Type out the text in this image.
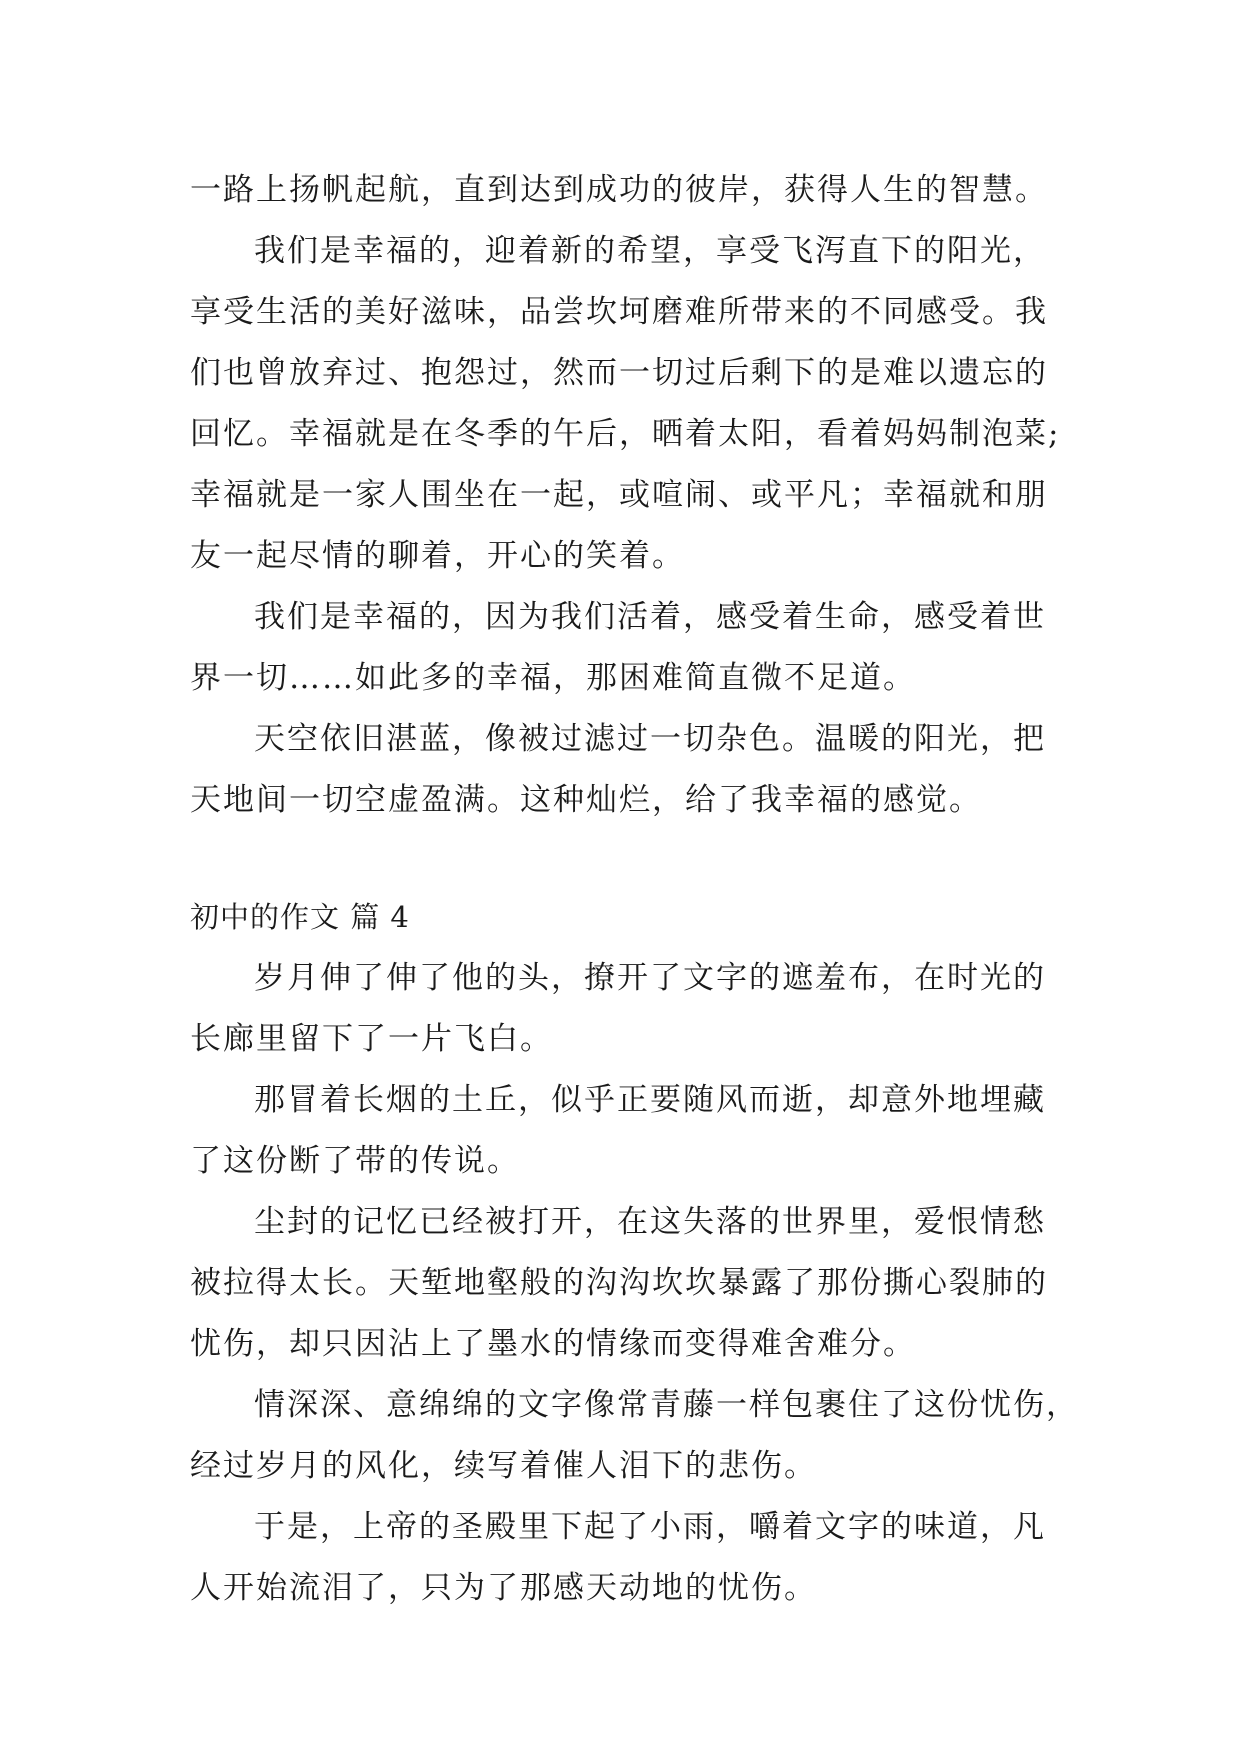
一路上扬帆起航，直到达到成功的彼岸，获得人生的智慧。
我们是幸福的，迎着新的希望，享受飞泻直下的阳光，
享受生活的美好滋味，品尝坎坷磨难所带来的不同感受。我
们也曾放弃过、抱怨过，然而一切过后剩下的是难以遗忘的
回忆。幸福就是在冬季的午后，晒着太阳，看着妈妈制泡菜;
幸福就是一家人围坐在一起，或喧闹、或平凡；幸福就和朋
友一起尽情的聊着，开心的笑着。
我们是幸福的，因为我们活着，感受着生命，感受着世
界一切……如此多的幸福，那困难简直微不足道。
天空依旧湛蓝，像被过滤过一切杂色。温暖的阳光，把
天地间一切空虚盈满。这种灿烂，给了我幸福的感觉。
初中的作文 篇 4
岁月伸了伸了他的头，撩开了文字的遮羞布，在时光的
长廊里留下了一片飞白。
那冒着长烟的土丘，似乎正要随风而逝，却意外地埋藏
了这份断了带的传说。
尘封的记忆已经被打开，在这失落的世界里，爱恨情愁
被拉得太长。天堑地壑般的沟沟坎坎暴露了那份撕心裂肺的
忧伤，却只因沾上了墨水的情缘而变得难舍难分。
情深深、意绵绵的文字像常青藤一样包裹住了这份忧伤，
经过岁月的风化，续写着催人泪下的悲伤。
于是，上帝的圣殿里下起了小雨，嚼着文字的味道，凡
人开始流泪了，只为了那感天动地的忧伤。
